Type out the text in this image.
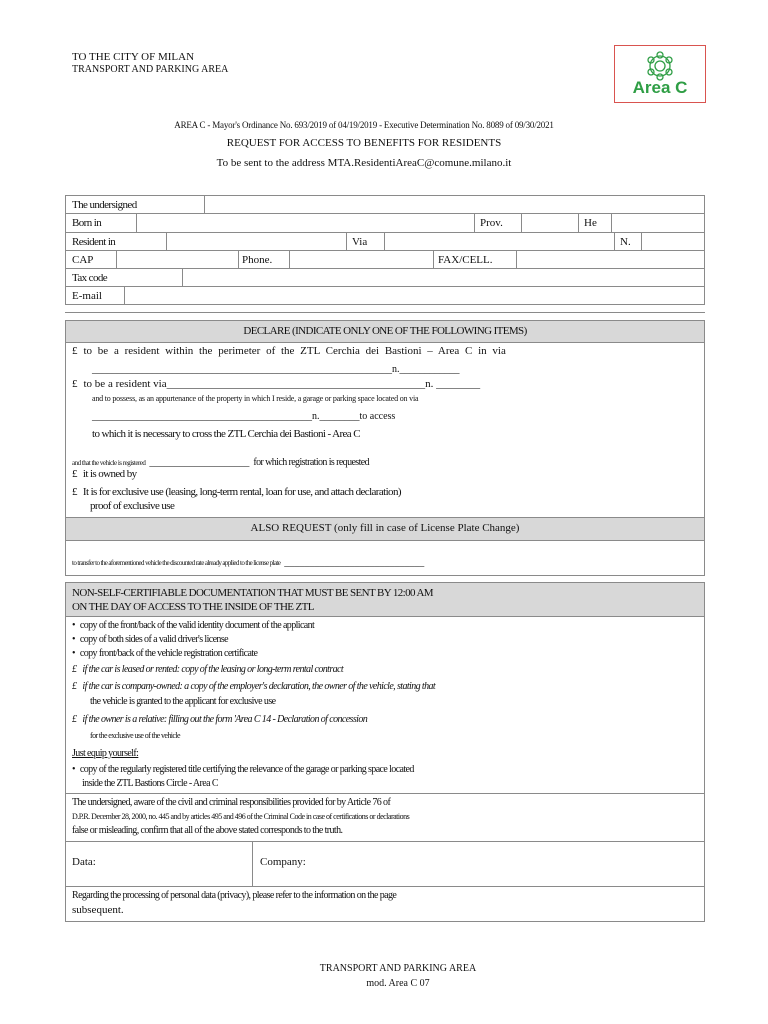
TO THE CITY OF MILAN
TRANSPORT AND PARKING AREA
Area C
AREA C - Mayor's Ordinance No. 693/2019 of 04/19/2019 - Executive Determination No. 8089 of 09/30/2021
REQUEST FOR ACCESS TO BENEFITS FOR RESIDENTS
To be sent to the address MTA.ResidentiAreaC@comune.milano.it
The undersigned
Born in	Prov.	He
Resident in	Via	N.
CAP	Phone.	FAX/CELL.
Tax code
E-mail
DECLARE (INDICATE ONLY ONE OF THE FOLLOWING ITEMS)
£ to be a resident within the perimeter of the ZTL Cerchia dei Bastioni – Area C in via
____________________________________________________________n.____________
£ to be a resident via_______________________________________________n. ________
and to possess, as an appurtenance of the property in which I reside, a garage or parking space located on via
____________________________________________n.________to access
to which it is necessary to cross the ZTL Cerchia dei Bastioni - Area C
and that the vehicle is registered ____________________ for which registration is requested
£ it is owned by
£ It is for exclusive use (leasing, long-term rental, loan for use, and attach declaration)
proof of exclusive use
ALSO REQUEST (only fill in case of License Plate Change)
to transfer to the aforementioned vehicle the discounted rate already applied to the license plate ____________________________
NON-SELF-CERTIFIABLE DOCUMENTATION THAT MUST BE SENT BY 12:00 AM
ON THE DAY OF ACCESS TO THE INSIDE OF THE ZTL
• copy of the front/back of the valid identity document of the applicant
• copy of both sides of a valid driver's license
• copy front/back of the vehicle registration certificate
£ if the car is leased or rented: copy of the leasing or long-term rental contract
£ if the car is company-owned: a copy of the employer's declaration, the owner of the vehicle, stating that
the vehicle is granted to the applicant for exclusive use
£ if the owner is a relative: filling out the form 'Area C 14 - Declaration of concession
for the exclusive use of the vehicle
Just equip yourself:
• copy of the regularly registered title certifying the relevance of the garage or parking space located
inside the ZTL Bastions Circle - Area C
The undersigned, aware of the civil and criminal responsibilities provided for by Article 76 of
D.P.R. December 28, 2000, no. 445 and by articles 495 and 496 of the Criminal Code in case of certifications or declarations
false or misleading, confirm that all of the above stated corresponds to the truth.
Data:	Company:
Regarding the processing of personal data (privacy), please refer to the information on the page
subsequent.
TRANSPORT AND PARKING AREA
mod. Area C 07
